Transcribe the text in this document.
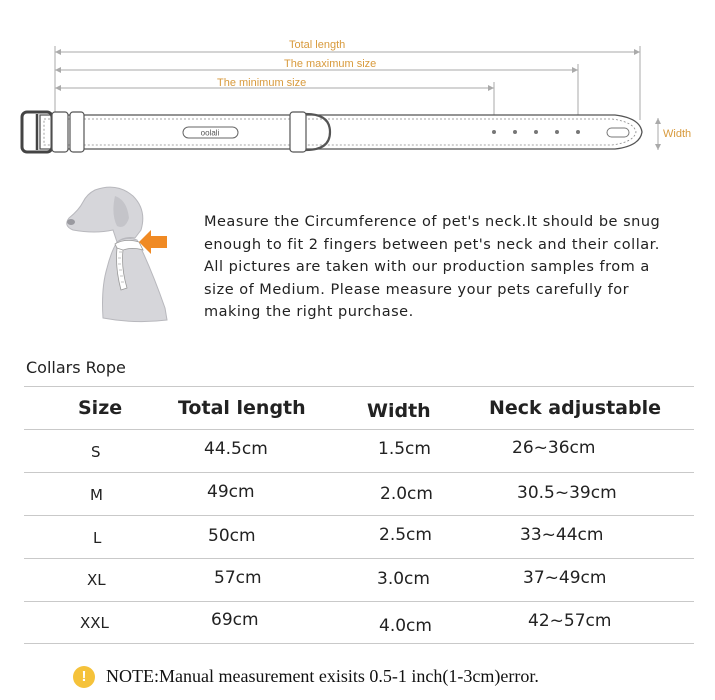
oolali
Total length
The maximum size
The minimum size
Width
Measure the Circumference of pet's neck.It should be snug
enough to fit 2 fingers between pet's neck and their collar.
All pictures are taken with our production samples from a
size of Medium. Please measure your pets carefully for
making the right purchase.
Collars Rope
Size	Total length	Width	Neck adjustable
S	44.5cm	1.5cm	26~36cm
M	49cm	2.0cm	30.5~39cm
L	50cm	2.5cm	33~44cm
XL	57cm	3.0cm	37~49cm
XXL	69cm	4.0cm	42~57cm
!	NOTE:Manual measurement exisits 0.5-1 inch(1-3cm)error.
